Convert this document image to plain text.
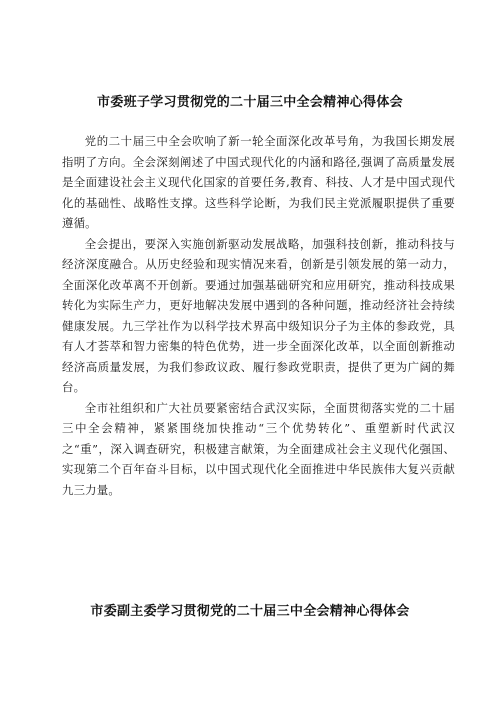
市委班子学习贯彻党的二十届三中全会精神心得体会

党的二十届三中全会吹响了新一轮全面深化改革号角，为我国长期发展指明了方向。全会深刻阐述了中国式现代化的内涵和路径,强调了高质量发展是全面建设社会主义现代化国家的首要任务,教育、科技、人才是中国式现代化的基础性、战略性支撑。这些科学论断，为我们民主党派履职提供了重要遵循。

全会提出，要深入实施创新驱动发展战略，加强科技创新，推动科技与经济深度融合。从历史经验和现实情况来看，创新是引领发展的第一动力，全面深化改革离不开创新。要通过加强基础研究和应用研究，推动科技成果转化为实际生产力，更好地解决发展中遇到的各种问题，推动经济社会持续健康发展。九三学社作为以科学技术界高中级知识分子为主体的参政党，具有人才荟萃和智力密集的特色优势，进一步全面深化改革，以全面创新推动经济高质量发展，为我们参政议政、履行参政党职责，提供了更为广阔的舞台。

全市社组织和广大社员要紧密结合武汉实际，全面贯彻落实党的二十届三中全会精神，紧紧围绕加快推动“三个优势转化”、重塑新时代武汉之“重”，深入调查研究，积极建言献策，为全面建成社会主义现代化强国、实现第二个百年奋斗目标，以中国式现代化全面推进中华民族伟大复兴贡献九三力量。

市委副主委学习贯彻党的二十届三中全会精神心得体会
